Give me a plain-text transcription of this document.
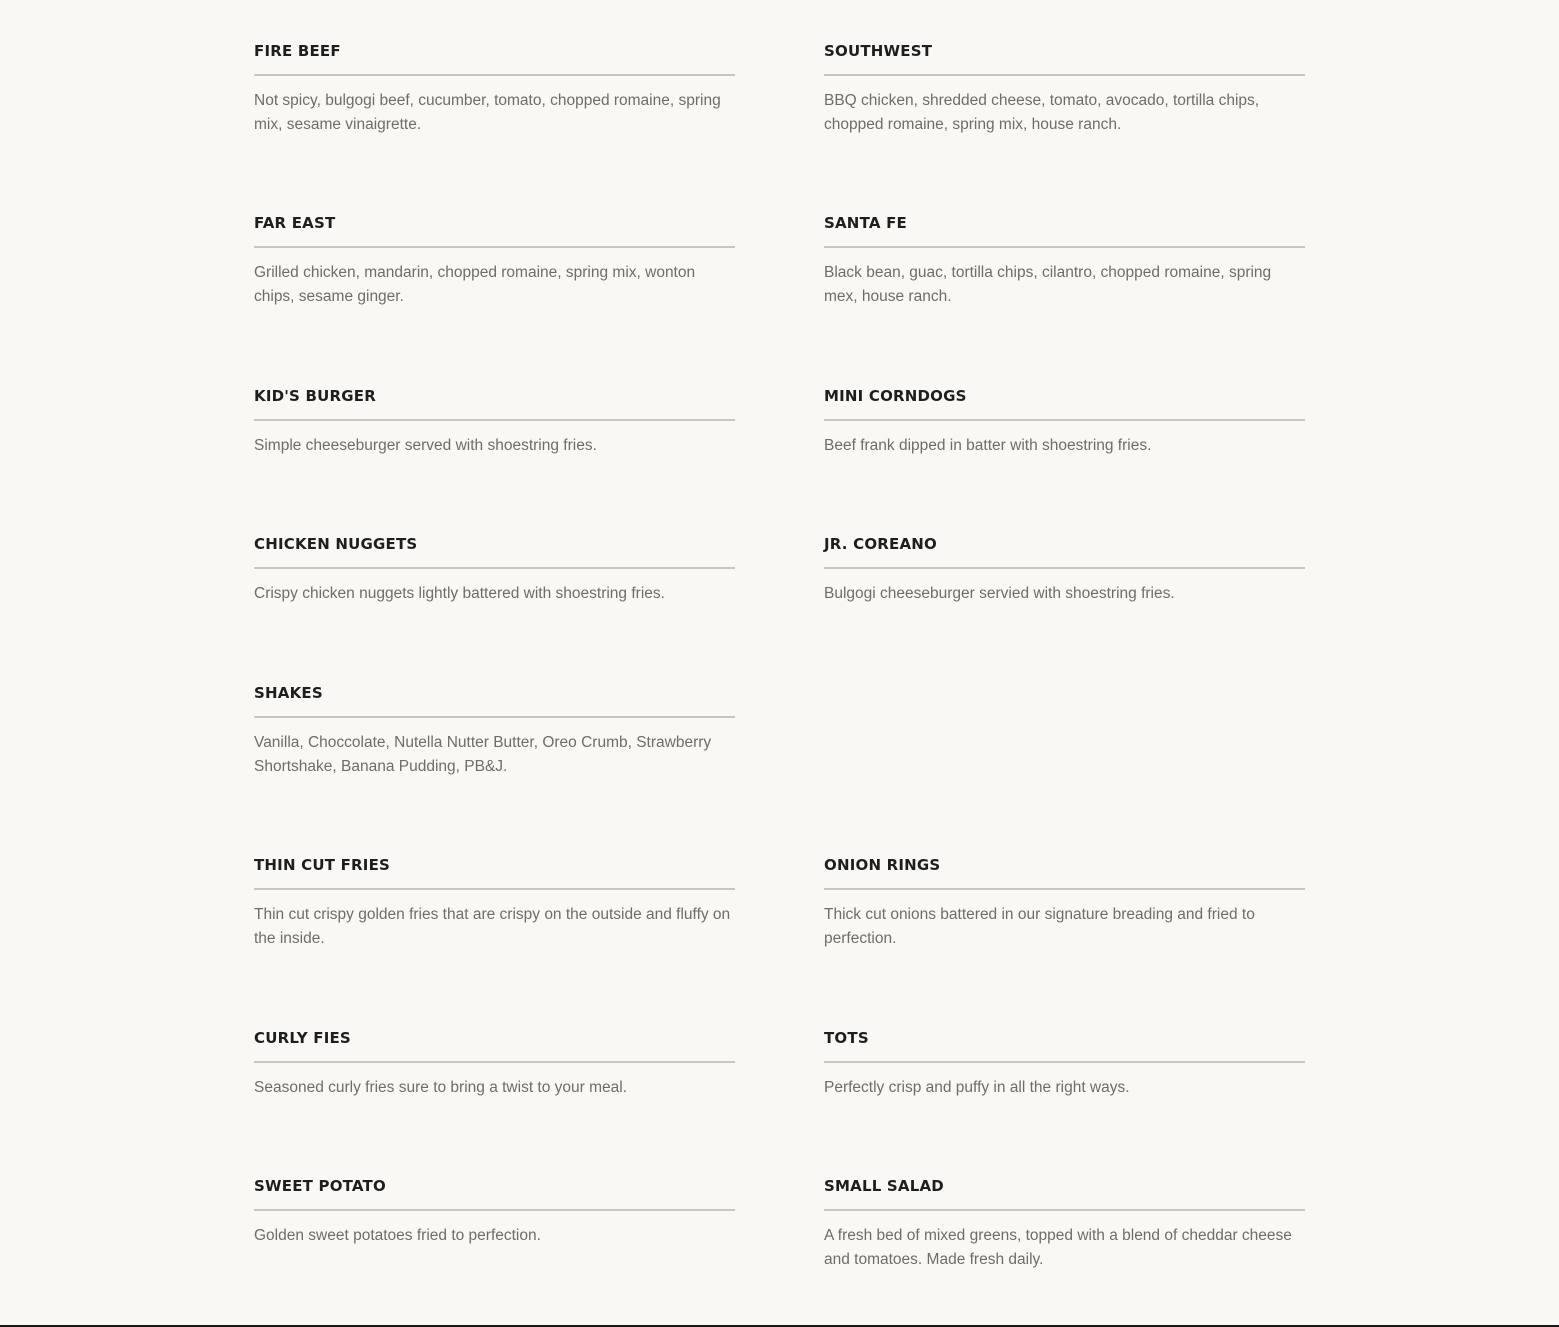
FIRE BEEF

Not spicy, bulgogi beef, cucumber, tomato, chopped romaine, spring mix, sesame vinaigrette.

SOUTHWEST

BBQ chicken, shredded cheese, tomato, avocado, tortilla chips, chopped romaine, spring mix, house ranch.

FAR EAST

Grilled chicken, mandarin, chopped romaine, spring mix, wonton chips, sesame ginger.

SANTA FE

Black bean, guac, tortilla chips, cilantro, chopped romaine, spring mex, house ranch.

KID'S BURGER

Simple cheeseburger served with shoestring fries.

MINI CORNDOGS

Beef frank dipped in batter with shoestring fries.

CHICKEN NUGGETS

Crispy chicken nuggets lightly battered with shoestring fries.

JR. COREANO

Bulgogi cheeseburger servied with shoestring fries.

SHAKES

Vanilla, Choccolate, Nutella Nutter Butter, Oreo Crumb, Strawberry Shortshake, Banana Pudding, PB&J.

THIN CUT FRIES

Thin cut crispy golden fries that are crispy on the outside and fluffy on the inside.

ONION RINGS

Thick cut onions battered in our signature breading and fried to perfection.

CURLY FIES

Seasoned curly fries sure to bring a twist to your meal.

TOTS

Perfectly crisp and puffy in all the right ways.

SWEET POTATO

Golden sweet potatoes fried to perfection.

SMALL SALAD

A fresh bed of mixed greens, topped with a blend of cheddar cheese and tomatoes. Made fresh daily.
